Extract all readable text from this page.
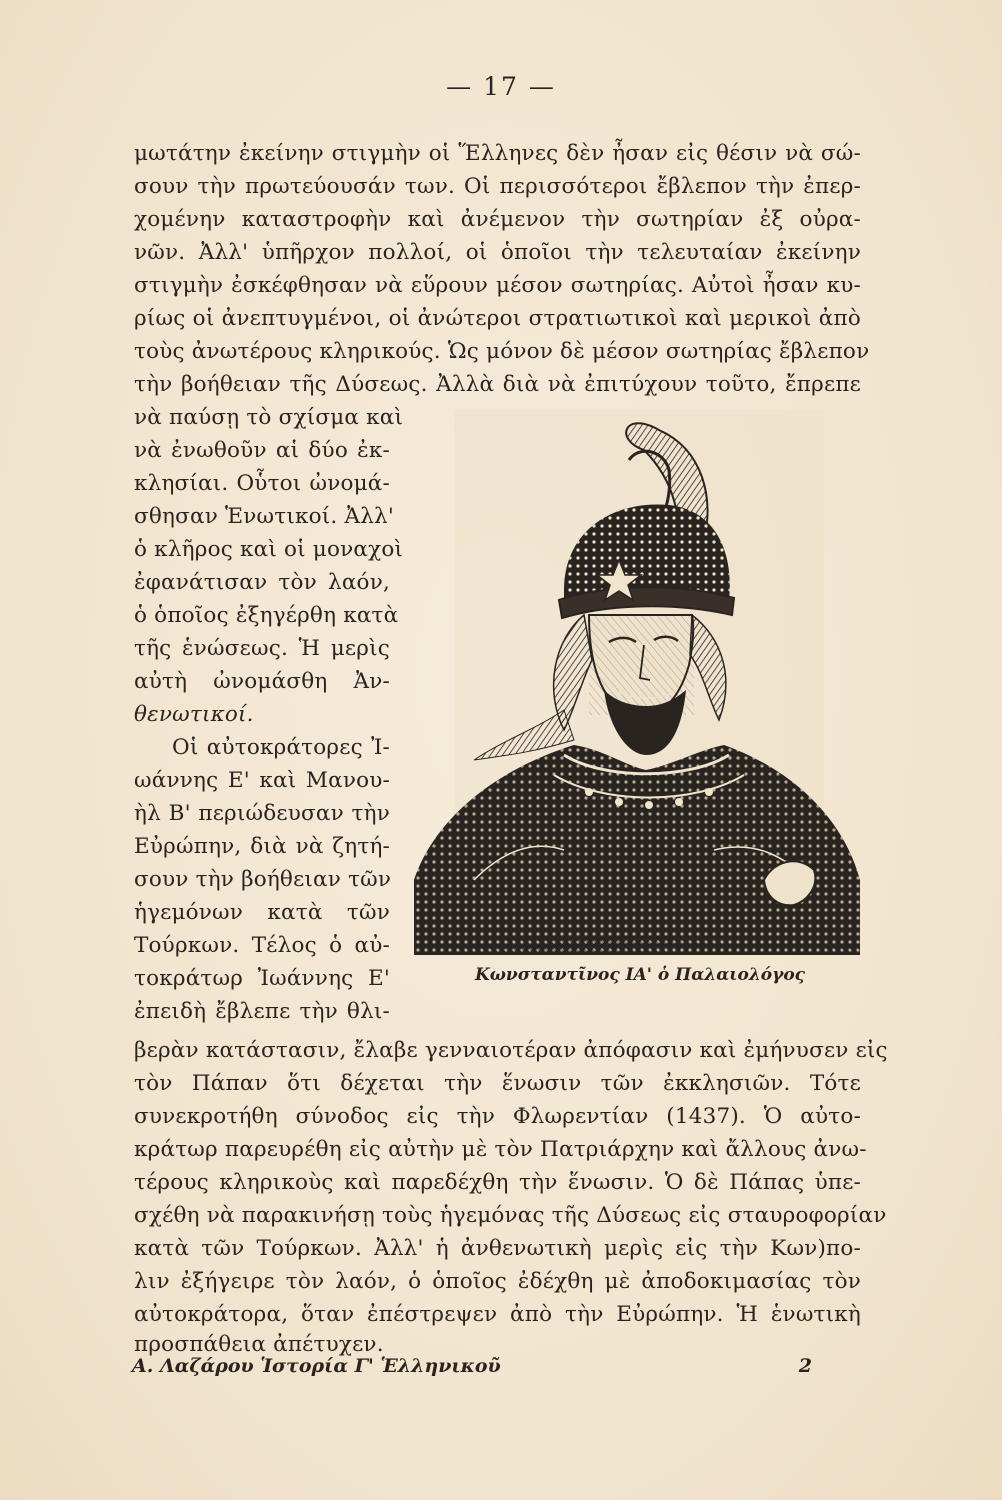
— 17 —
μωτάτην ἐκείνην στιγμὴν οἱ Ἕλληνες δὲν ἦσαν εἰς θέσιν νὰ σώ-
σουν τὴν πρωτεύουσάν των. Οἱ περισσότεροι ἔβλεπον τὴν ἐπερ-
χομένην καταστροφὴν καὶ ἀνέμενον τὴν σωτηρίαν ἐξ οὐρα-
νῶν. Ἀλλ' ὑπῆρχον πολλοί, οἱ ὁποῖοι τὴν τελευταίαν ἐκείνην
στιγμὴν ἐσκέφθησαν νὰ εὕρουν μέσον σωτηρίας. Αὐτοὶ ἦσαν κυ-
ρίως οἱ ἀνεπτυγμένοι, οἱ ἀνώτεροι στρατιωτικοὶ καὶ μερικοὶ ἀπὸ
τοὺς ἀνωτέρους κληρικούς. Ὡς μόνον δὲ μέσον σωτηρίας ἔβλεπον
τὴν βοήθειαν τῆς Δύσεως. Ἀλλὰ διὰ νὰ ἐπιτύχουν τοῦτο, ἔπρεπε
νὰ παύσῃ τὸ σχίσμα καὶ
νὰ ἐνωθοῦν αἱ δύο ἐκ-
κλησίαι. Οὗτοι ὠνομά-
σθησαν Ἑνωτικοί. Ἀλλ'
ὁ κλῆρος καὶ οἱ μοναχοὶ
ἐφανάτισαν τὸν λαόν,
ὁ ὁποῖος ἐξηγέρθη κατὰ
τῆς ἑνώσεως. Ἡ μερὶς
αὐτὴ ὠνομάσθη Ἀν-
θενωτικοί.
Οἱ αὐτοκράτορες Ἰ-
ωάννης Ε' καὶ Μανου-
ὴλ Β' περιώδευσαν τὴν
Εὐρώπην, διὰ νὰ ζητή-
σουν τὴν βοήθειαν τῶν
ἡγεμόνων κατὰ τῶν
Τούρκων. Τέλος ὁ αὐ-
τοκράτωρ Ἰωάννης Ε'
ἐπειδὴ ἔβλεπε τὴν θλι-
βερὰν κατάστασιν, ἔλαβε γενναιοτέραν ἀπόφασιν καὶ ἐμήνυσεν εἰς
τὸν Πάπαν ὅτι δέχεται τὴν ἕνωσιν τῶν ἐκκλησιῶν. Τότε
συνεκροτήθη σύνοδος εἰς τὴν Φλωρεντίαν (1437). Ὁ αὐτο-
κράτωρ παρευρέθη εἰς αὐτὴν μὲ τὸν Πατριάρχην καὶ ἄλλους ἀνω-
τέρους κληρικοὺς καὶ παρεδέχθη τὴν ἕνωσιν. Ὁ δὲ Πάπας ὑπε-
σχέθη νὰ παρακινήσῃ τοὺς ἡγεμόνας τῆς Δύσεως εἰς σταυροφορίαν
κατὰ τῶν Τούρκων. Ἀλλ' ἡ ἀνθενωτικὴ μερὶς εἰς τὴν Κων)πο-
λιν ἐξήγειρε τὸν λαόν, ὁ ὁποῖος ἐδέχθη μὲ ἀποδοκιμασίας τὸν
αὐτοκράτορα, ὅταν ἐπέστρεψεν ἀπὸ τὴν Εὐρώπην. Ἡ ἑνωτικὴ
προσπάθεια ἀπέτυχεν.
Κωνσταντῖνος ΙΑ' ὁ Παλαιολόγος
Α. Λαζάρου Ἱστορία Γ' Ἑλληνικοῦ	2
